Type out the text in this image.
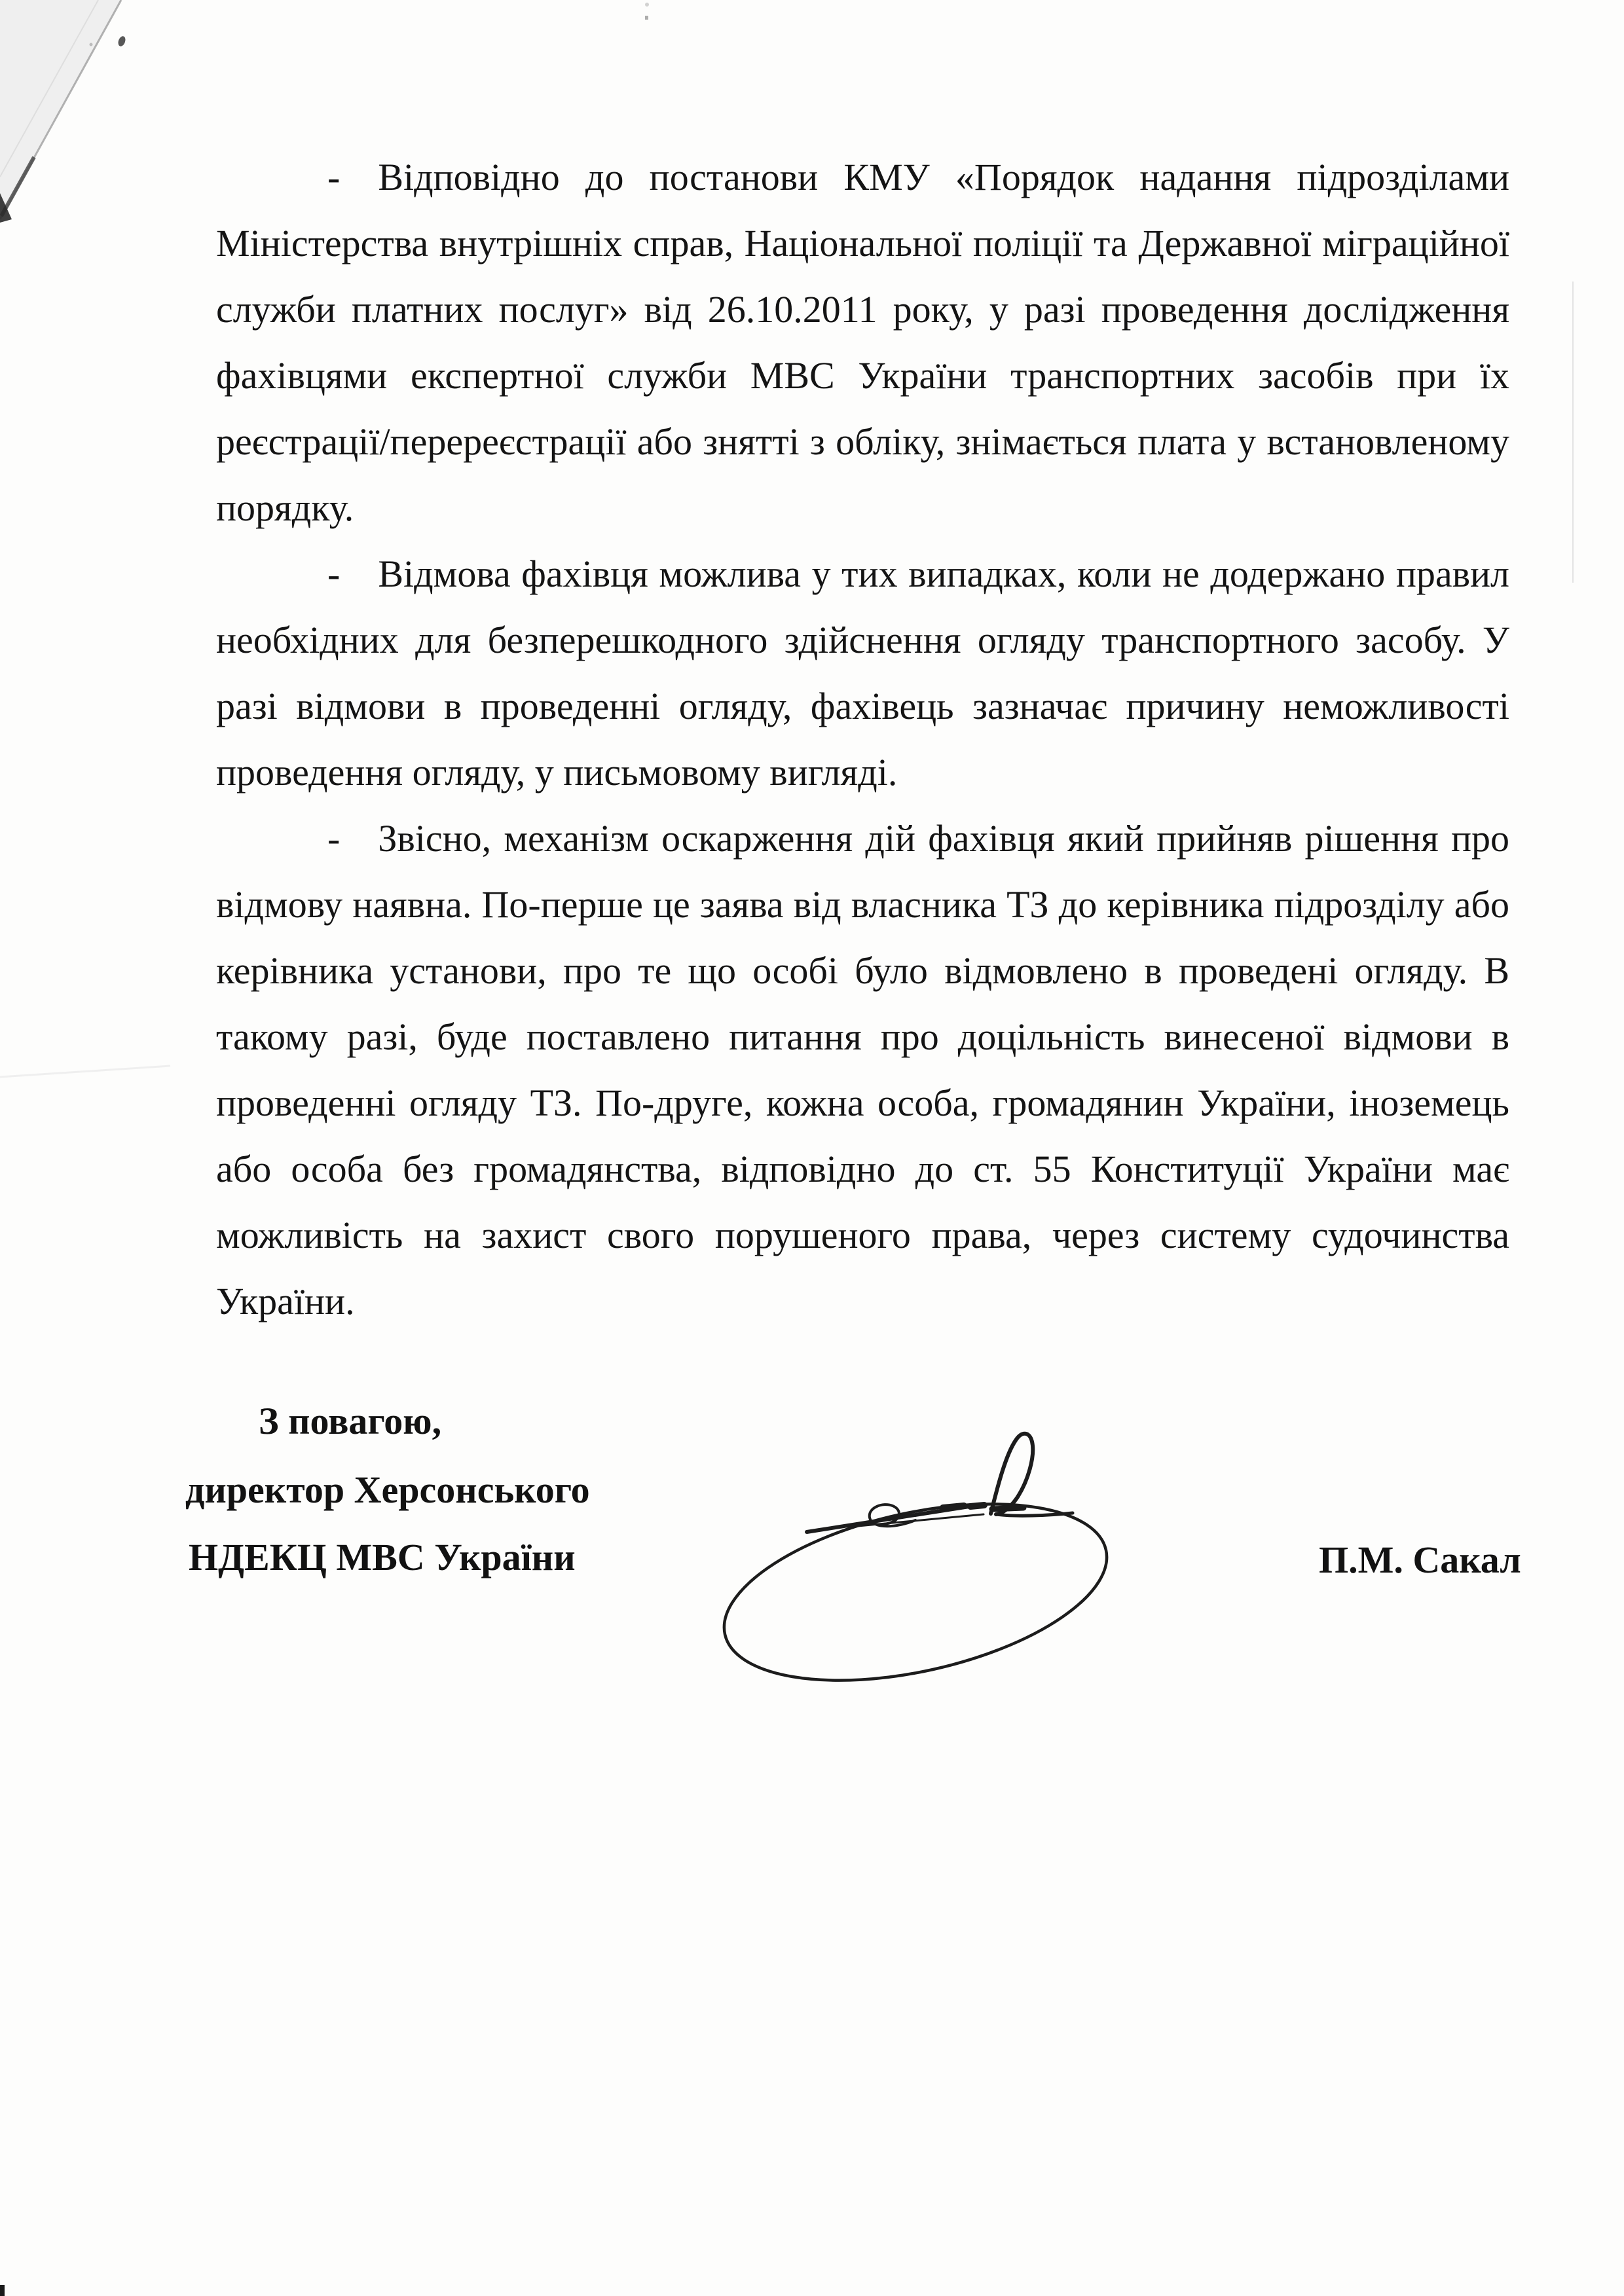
- Відповідно до постанови КМУ «Порядок надання підрозділами
Міністерства внутрішніх справ, Національної поліції та Державної міграційної
служби платних послуг» від 26.10.2011 року, у разі проведення дослідження
фахівцями експертної служби МВС України транспортних засобів при їх
реєстрації/перереєстрації або знятті з обліку, знімається плата у встановленому
порядку.
- Відмова фахівця можлива у тих випадках, коли не додержано правил
необхідних для безперешкодного здійснення огляду транспортного засобу. У
разі відмови в проведенні огляду, фахівець зазначає причину неможливості
проведення огляду, у письмовому вигляді.
- Звісно, механізм оскарження дій фахівця який прийняв рішення про
відмову наявна. По-перше це заява від власника ТЗ до керівника підрозділу або
керівника установи, про те що особі було відмовлено в проведені огляду. В
такому разі, буде поставлено питання про доцільність винесеної відмови в
проведенні огляду ТЗ. По-друге, кожна особа, громадянин України, іноземець
або особа без громадянства, відповідно до ст. 55 Конституції України має
можливість на захист свого порушеного права, через систему судочинства
України.
З повагою,
директор Херсонського
НДЕКЦ МВС України	П.М. Сакал
